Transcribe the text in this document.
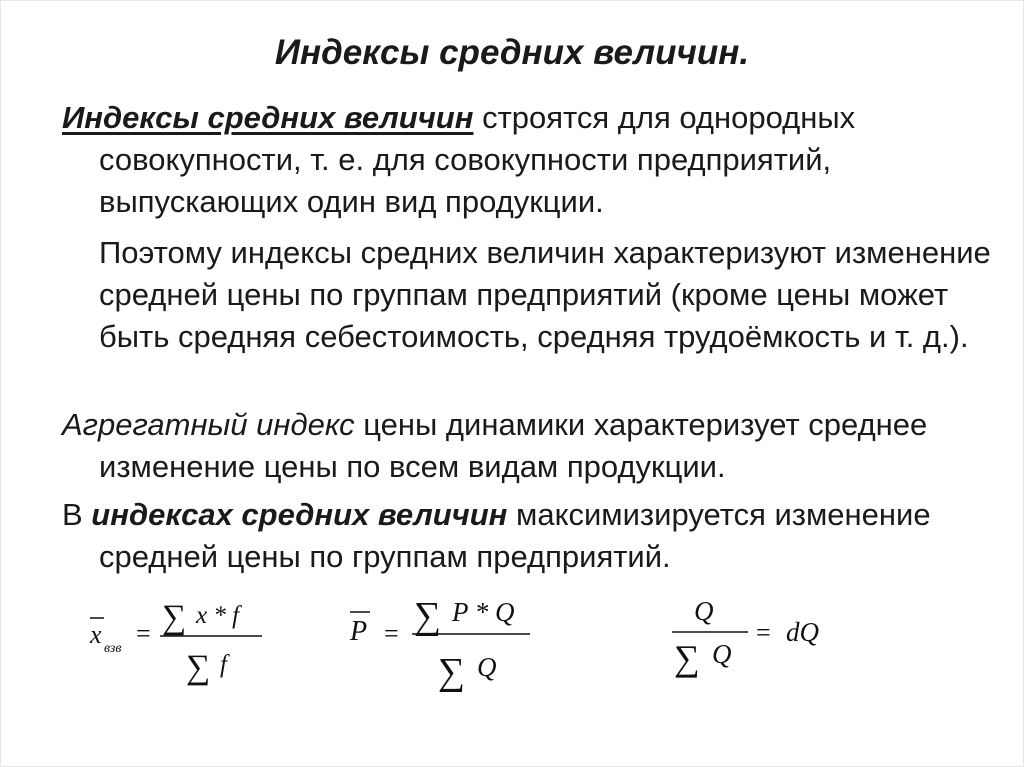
Индексы средних величин.
Индексы средних величин строятся для однородных совокупности, т. е. для совокупности предприятий, выпускающих один вид продукции.
Поэтому индексы средних величин характеризуют изменение средней цены по группам предприятий (кроме цены может быть средняя себестоимость, средняя трудоёмкость и т. д.).
Агрегатный индекс цены динамики характеризует среднее изменение цены по всем видам продукции.
В индексах средних величин максимизируется изменение средней цены по группам предприятий.
x взв
= ∑ x * f
∑ f
P = ∑ P * Q
∑ Q
Q
∑ Q
= dQ
